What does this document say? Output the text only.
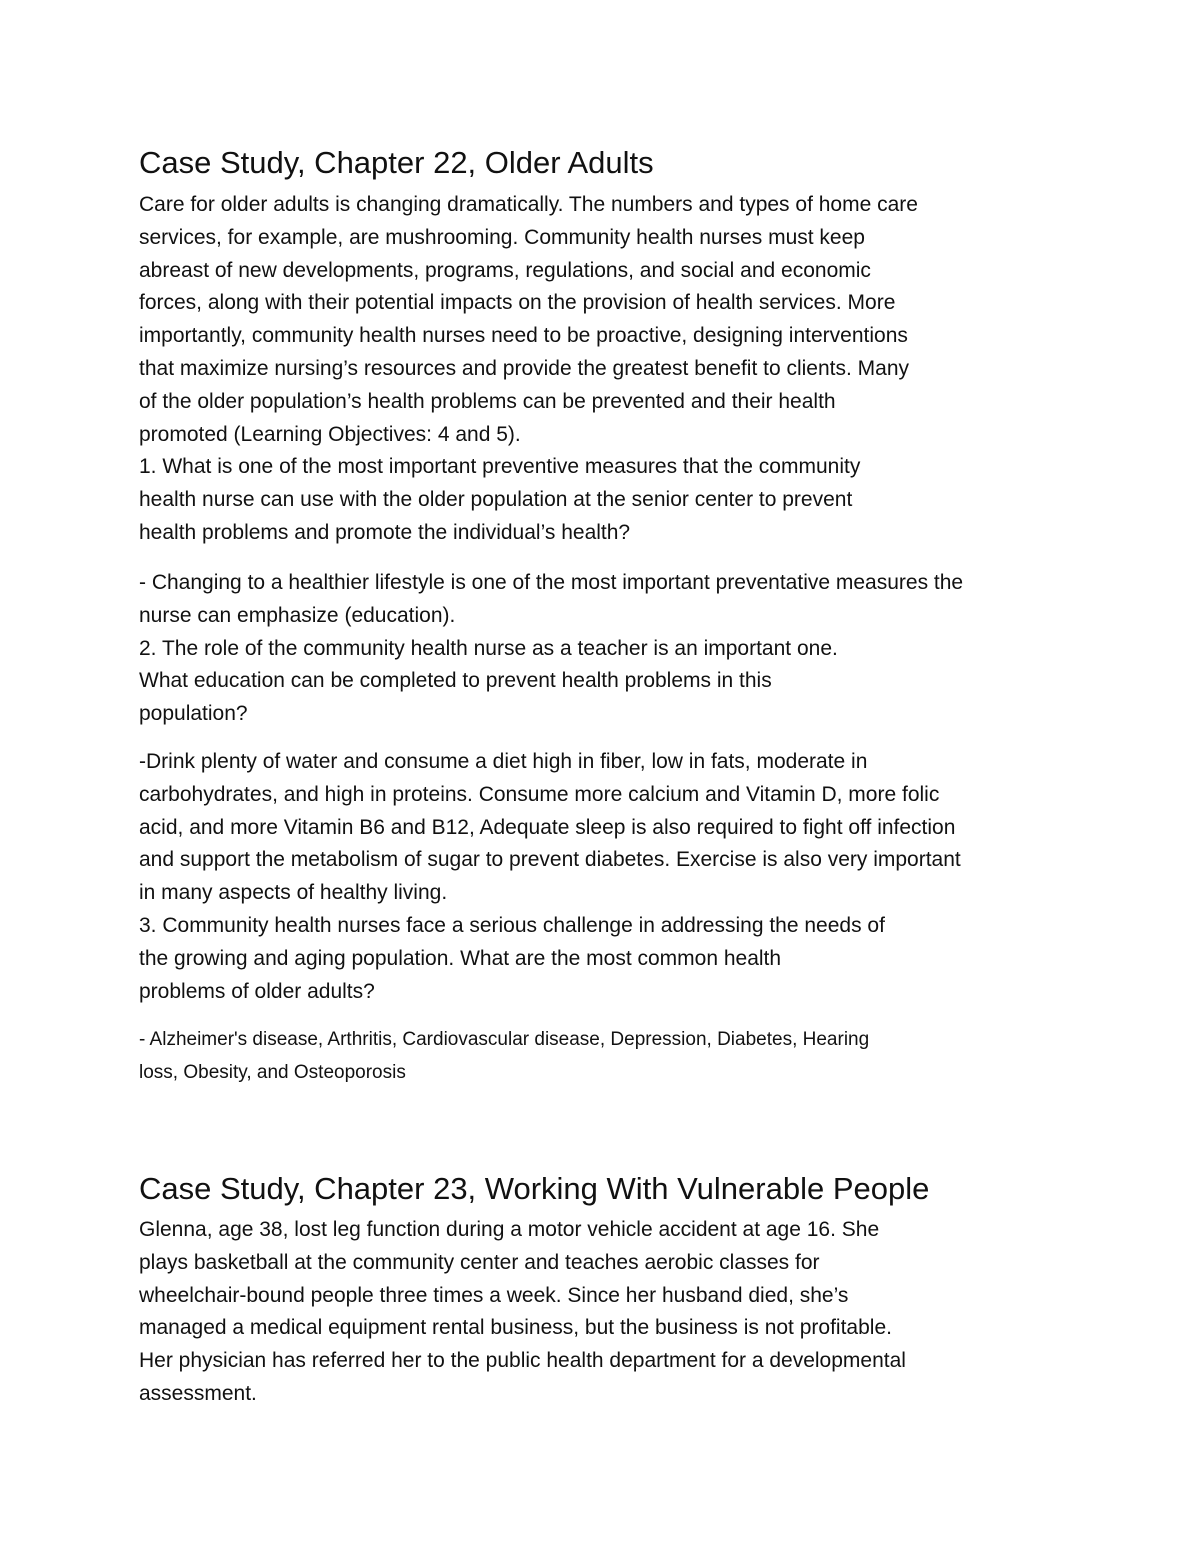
Case Study, Chapter 22, Older Adults
Care for older adults is changing dramatically. The numbers and types of home care
services, for example, are mushrooming. Community health nurses must keep
abreast of new developments, programs, regulations, and social and economic
forces, along with their potential impacts on the provision of health services. More
importantly, community health nurses need to be proactive, designing interventions
that maximize nursing’s resources and provide the greatest benefit to clients. Many
of the older population’s health problems can be prevented and their health
promoted (Learning Objectives: 4 and 5).
1. What is one of the most important preventive measures that the community
health nurse can use with the older population at the senior center to prevent
health problems and promote the individual’s health?
- Changing to a healthier lifestyle is one of the most important preventative measures the
nurse can emphasize (education).
2. The role of the community health nurse as a teacher is an important one.
What education can be completed to prevent health problems in this
population?
-Drink plenty of water and consume a diet high in fiber, low in fats, moderate in
carbohydrates, and high in proteins. Consume more calcium and Vitamin D, more folic
acid, and more Vitamin B6 and B12, Adequate sleep is also required to fight off infection
and support the metabolism of sugar to prevent diabetes. Exercise is also very important
in many aspects of healthy living.
3. Community health nurses face a serious challenge in addressing the needs of
the growing and aging population. What are the most common health
problems of older adults?
- Alzheimer's disease, Arthritis, Cardiovascular disease, Depression, Diabetes, Hearing
loss, Obesity, and Osteoporosis
Case Study, Chapter 23, Working With Vulnerable People
Glenna, age 38, lost leg function during a motor vehicle accident at age 16. She
plays basketball at the community center and teaches aerobic classes for
wheelchair-bound people three times a week. Since her husband died, she’s
managed a medical equipment rental business, but the business is not profitable.
Her physician has referred her to the public health department for a developmental
assessment.
